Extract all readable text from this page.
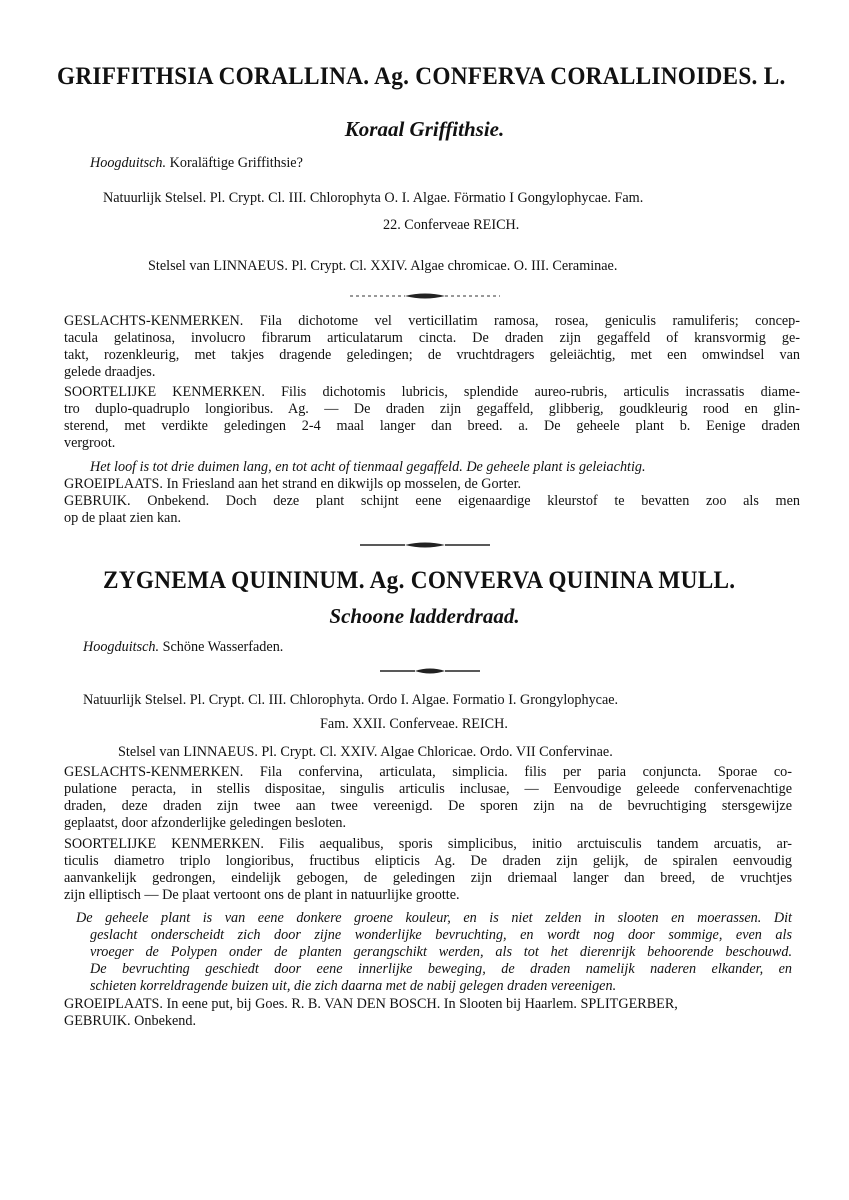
GRIFFITHSIA CORALLINA. Ag. CONFERVA CORALLINOIDES. L.
Koraal Griffithsie.
Hoogduitsch. Koraläftige Griffithsie?
Natuurlijk Stelsel. Pl. Crypt. Cl. III. Chlorophyta O. I. Algae. Förmatio I Gongylophycae. Fam.
22. Conferveae REICH.
Stelsel van LINNAEUS. Pl. Crypt. Cl. XXIV. Algae chromicae. O. III. Ceraminae.
GESLACHTS-KENMERKEN. Fila dichotome vel verticillatim ramosa, rosea, geniculis ramuliferis; concep-
tacula gelatinosa, involucro fibrarum articulatarum cincta. De draden zijn gegaffeld of kransvormig ge-
takt, rozenkleurig, met takjes dragende geledingen; de vruchtdragers geleiächtig, met een omwindsel van
gelede draadjes.
SOORTELIJKE KENMERKEN. Filis dichotomis lubricis, splendide aureo-rubris, articulis incrassatis diame-
tro duplo-quadruplo longioribus. Ag. — De draden zijn gegaffeld, glibberig, goudkleurig rood en glin-
sterend, met verdikte geledingen 2-4 maal langer dan breed. a. De geheele plant b. Eenige draden
vergroot.
Het loof is tot drie duimen lang, en tot acht of tienmaal gegaffeld. De geheele plant is geleiachtig.
GROEIPLAATS. In Friesland aan het strand en dikwijls op mosselen, de Gorter.
GEBRUIK. Onbekend. Doch deze plant schijnt eene eigenaardige kleurstof te bevatten zoo als men
op de plaat zien kan.
ZYGNEMA QUININUM. Ag. CONVERVA QUININA MULL.
Schoone ladderdraad.
Hoogduitsch. Schöne Wasserfaden.
Natuurlijk Stelsel. Pl. Crypt. Cl. III. Chlorophyta. Ordo I. Algae. Formatio I. Grongylophycae.
Fam. XXII. Conferveae. REICH.
Stelsel van LINNAEUS. Pl. Crypt. Cl. XXIV. Algae Chloricae. Ordo. VII Confervinae.
GESLACHTS-KENMERKEN. Fila confervina, articulata, simplicia. filis per paria conjuncta. Sporae co-
pulatione peracta, in stellis dispositae, singulis articulis inclusae, — Eenvoudige geleede confervenachtige
draden, deze draden zijn twee aan twee vereenigd. De sporen zijn na de bevruchtiging stersgewijze
geplaatst, door afzonderlijke geledingen besloten.
SOORTELIJKE KENMERKEN. Filis aequalibus, sporis simplicibus, initio arctuisculis tandem arcuatis, ar-
ticulis diametro triplo longioribus, fructibus elipticis Ag. De draden zijn gelijk, de spiralen eenvoudig
aanvankelijk gedrongen, eindelijk gebogen, de geledingen zijn driemaal langer dan breed, de vruchtjes
zijn elliptisch — De plaat vertoont ons de plant in natuurlijke grootte.
De geheele plant is van eene donkere groene kouleur, en is niet zelden in slooten en moerassen. Dit
geslacht onderscheidt zich door zijne wonderlijke bevruchting, en wordt nog door sommige, even als
vroeger de Polypen onder de planten gerangschikt werden, als tot het dierenrijk behoorende beschouwd.
De bevruchting geschiedt door eene innerlijke beweging, de draden namelijk naderen elkander, en
schieten korreldragende buizen uit, die zich daarna met de nabij gelegen draden vereenigen.
GROEIPLAATS. In eene put, bij Goes. R. B. VAN DEN BOSCH. In Slooten bij Haarlem. SPLITGERBER,
GEBRUIK. Onbekend.
